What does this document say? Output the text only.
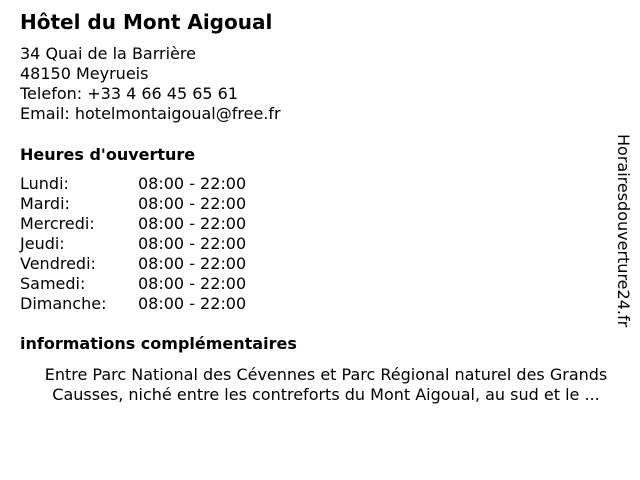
Hôtel du Mont Aigoual
34 Quai de la Barrière
48150 Meyrueis
Telefon: +33 4 66 45 65 61
Email: hotelmontaigoual@free.fr
Heures d'ouverture
Lundi:	08:00 - 22:00
Mardi:	08:00 - 22:00
Mercredi:	08:00 - 22:00
Jeudi:	08:00 - 22:00
Vendredi:	08:00 - 22:00
Samedi:	08:00 - 22:00
Dimanche:	08:00 - 22:00
informations complémentaires
Entre Parc National des Cévennes et Parc Régional naturel des Grands
Causses, niché entre les contreforts du Mont Aigoual, au sud et le ...
Horairesdouverture24.fr
